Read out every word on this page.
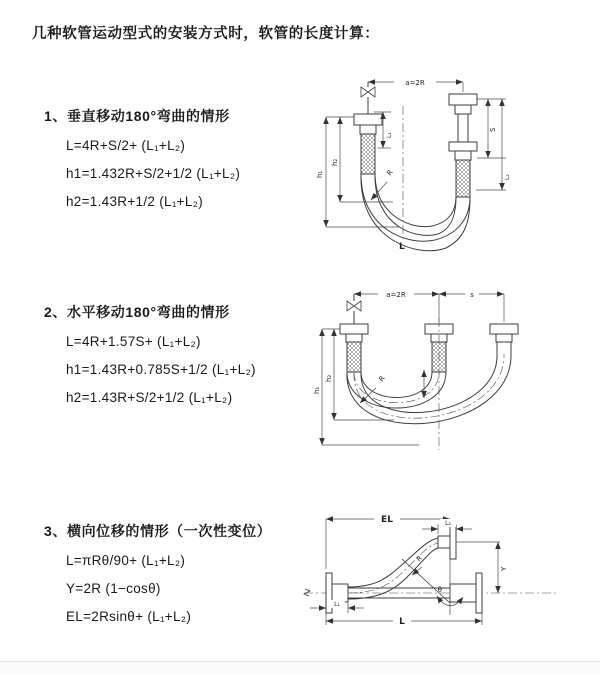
几种软管运动型式的安装方式时，软管的长度计算：
1、垂直移动180°弯曲的情形
L=4R+S/2+ (L₁+L₂)
h1=1.432R+S/2+1/2 (L₁+L₂)
h2=1.43R+1/2 (L₁+L₂)
2、水平移动180°弯曲的情形
L=4R+1.57S+ (L₁+L₂)
h1=1.43R+0.785S+1/2 (L₁+L₂)
h2=1.43R+S/2+1/2 (L₁+L₂)
3、横向位移的情形（一次性变位）
L=πRθ/90+ (L₁+L₂)
Y=2R (1−cosθ)
EL=2Rsinθ+ (L₁+L₂)
a=2R
h₁
h₂
L₁
S
L₂
R
L
a=2R	s
h₁
h₂	R
EL	L₂
Y
L
L₁
θ
R
